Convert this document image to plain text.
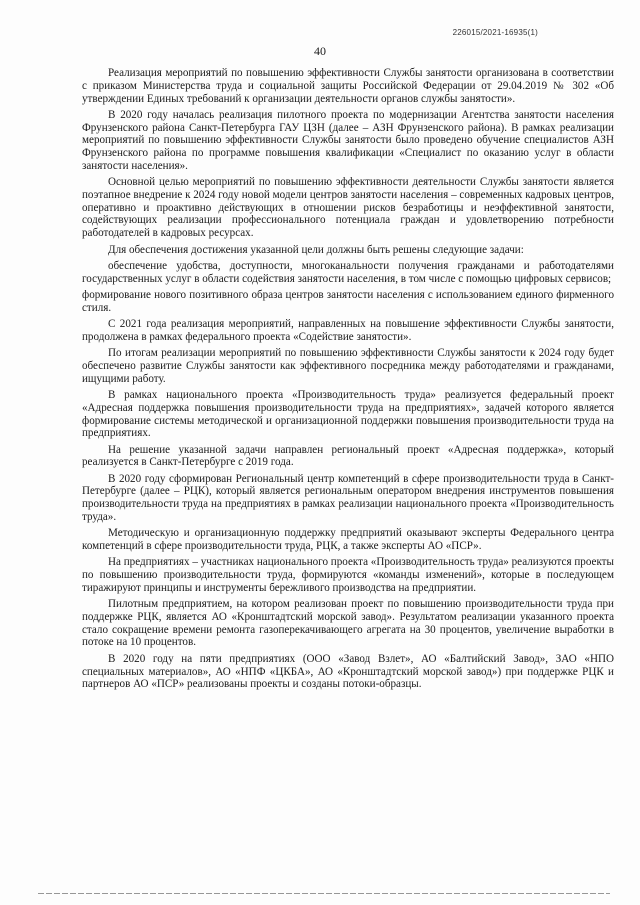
226015/2021-16935(1)
40

Реализация мероприятий по повышению эффективности Службы занятости организована в соответствии с приказом Министерства труда и социальной защиты Российской Федерации от 29.04.2019 № 302 «Об утверждении Единых требований к организации деятельности органов службы занятости».

В 2020 году началась реализация пилотного проекта по модернизации Агентства занятости населения Фрунзенского района Санкт-Петербурга ГАУ ЦЗН (далее – АЗН Фрунзенского района). В рамках реализации мероприятий по повышению эффективности Службы занятости было проведено обучение специалистов АЗН Фрунзенского района по программе повышения квалификации «Специалист по оказанию услуг в области занятости населения».

Основной целью мероприятий по повышению эффективности деятельности Службы занятости является поэтапное внедрение к 2024 году новой модели центров занятости населения – современных кадровых центров, оперативно и проактивно действующих в отношении рисков безработицы и неэффективной занятости, содействующих реализации профессионального потенциала граждан и удовлетворению потребности работодателей в кадровых ресурсах.

Для обеспечения достижения указанной цели должны быть решены следующие задачи:

обеспечение удобства, доступности, многоканальности получения гражданами и работодателями государственных услуг в области содействия занятости населения, в том числе с помощью цифровых сервисов;

формирование нового позитивного образа центров занятости населения с использованием единого фирменного стиля.

С 2021 года реализация мероприятий, направленных на повышение эффективности Службы занятости, продолжена в рамках федерального проекта «Содействие занятости».

По итогам реализации мероприятий по повышению эффективности Службы занятости к 2024 году будет обеспечено развитие Службы занятости как эффективного посредника между работодателями и гражданами, ищущими работу.

В рамках национального проекта «Производительность труда» реализуется федеральный проект «Адресная поддержка повышения производительности труда на предприятиях», задачей которого является формирование системы методической и организационной поддержки повышения производительности труда на предприятиях.

На решение указанной задачи направлен региональный проект «Адресная поддержка», который реализуется в Санкт-Петербурге с 2019 года.

В 2020 году сформирован Региональный центр компетенций в сфере производительности труда в Санкт-Петербурге (далее – РЦК), который является региональным оператором внедрения инструментов повышения производительности труда на предприятиях в рамках реализации национального проекта «Производительность труда».

Методическую и организационную поддержку предприятий оказывают эксперты Федерального центра компетенций в сфере производительности труда, РЦК, а также эксперты АО «ПСР».

На предприятиях – участниках национального проекта «Производительность труда» реализуются проекты по повышению производительности труда, формируются «команды изменений», которые в последующем тиражируют принципы и инструменты бережливого производства на предприятии.

Пилотным предприятием, на котором реализован проект по повышению производительности труда при поддержке РЦК, является АО «Кронштадтский морской завод». Результатом реализации указанного проекта стало сокращение времени ремонта газоперекачивающего агрегата на 30 процентов, увеличение выработки в потоке на 10 процентов.

В 2020 году на пяти предприятиях (ООО «Завод Взлет», АО «Балтийский Завод», ЗАО «НПО специальных материалов», АО «НПФ «ЦКБА», АО «Кронштадтский морской завод») при поддержке РЦК и партнеров АО «ПСР» реализованы проекты и созданы потоки-образцы.
